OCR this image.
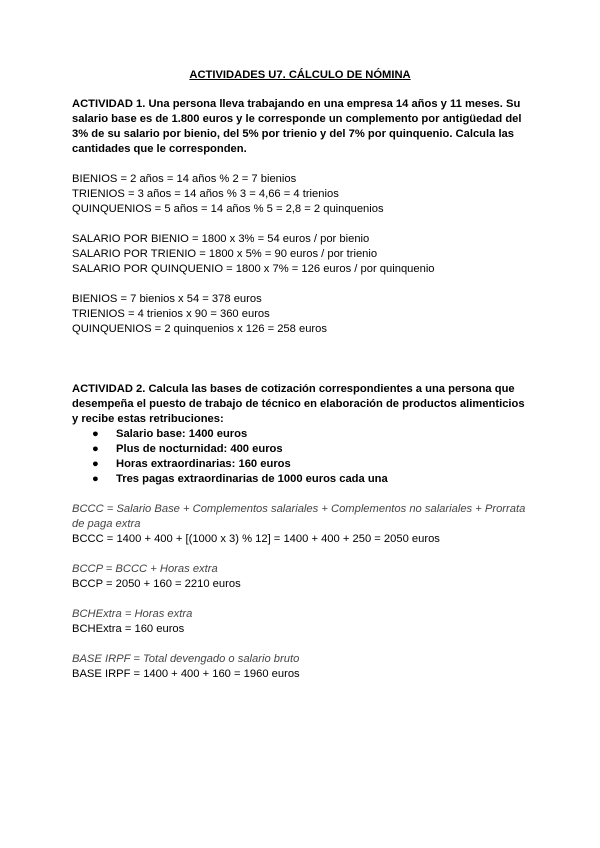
ACTIVIDADES U7. CÁLCULO DE NÓMINA

ACTIVIDAD 1. Una persona lleva trabajando en una empresa 14 años y 11 meses. Su salario base es de 1.800 euros y le corresponde un complemento por antigüedad del 3% de su salario por bienio, del 5% por trienio y del 7% por quinquenio. Calcula las cantidades que le corresponden.

BIENIOS = 2 años = 14 años % 2 = 7 bienios
TRIENIOS = 3 años = 14 años % 3 = 4,66 = 4 trienios
QUINQUENIOS = 5 años = 14 años % 5 = 2,8 = 2 quinquenios
SALARIO POR BIENIO = 1800 x 3% = 54 euros / por bienio
SALARIO POR TRIENIO = 1800 x 5% = 90 euros / por trienio
SALARIO POR QUINQUENIO = 1800 x 7% = 126 euros / por quinquenio
BIENIOS = 7 bienios x 54 = 378 euros
TRIENIOS = 4 trienios x 90 = 360 euros
QUINQUENIOS = 2 quinquenios x 126 = 258 euros

ACTIVIDAD 2. Calcula las bases de cotización correspondientes a una persona que desempeña el puesto de trabajo de técnico en elaboración de productos alimenticios y recibe estas retribuciones:

● Salario base: 1400 euros
● Plus de nocturnidad: 400 euros
● Horas extraordinarias: 160 euros
● Tres pagas extraordinarias de 1000 euros cada una
BCCC = Salario Base + Complementos salariales + Complementos no salariales + Prorrata de paga extra
BCCC = 1400 + 400 + [(1000 x 3) % 12] = 1400 + 400 + 250 = 2050 euros
BCCP = BCCC + Horas extra
BCCP = 2050 + 160 = 2210 euros
BCHExtra = Horas extra
BCHExtra = 160 euros
BASE IRPF = Total devengado o salario bruto
BASE IRPF = 1400 + 400 + 160 = 1960 euros
